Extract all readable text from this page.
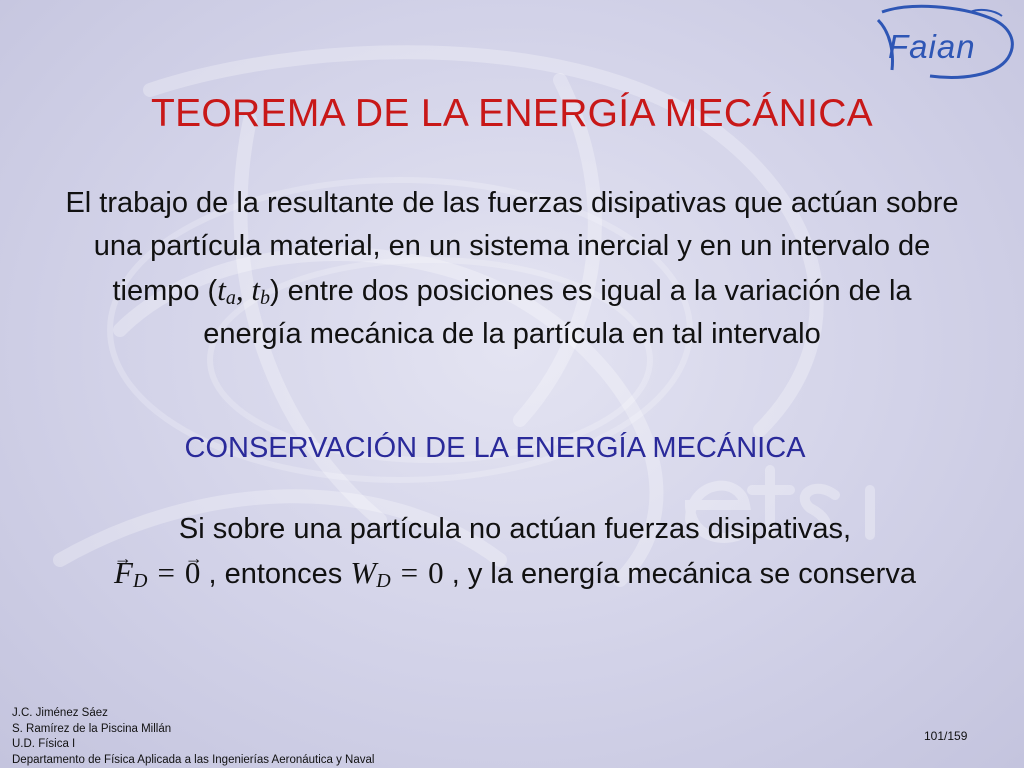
Faian
TEOREMA DE LA ENERGÍA MECÁNICA

El trabajo de la resultante de las fuerzas disipativas que actúan sobre una partícula material, en un sistema inercial y en un intervalo de tiempo ($t_a$, $t_b$) entre dos posiciones es igual a la variación de la energía mecánica de la partícula en tal intervalo

CONSERVACIÓN DE LA ENERGÍA MECÁNICA

Si sobre una partícula no actúan fuerzas disipativas,
→ $F_D =\to 0$ , entonces $W_D = 0$ , y la energía mecánica se conserva

J.C. Jiménez Sáez
S. Ramírez de la Piscina Millán
U.D. Física I
Departamento de Física Aplicada a las Ingenierías Aeronáutica y Naval
101/159
